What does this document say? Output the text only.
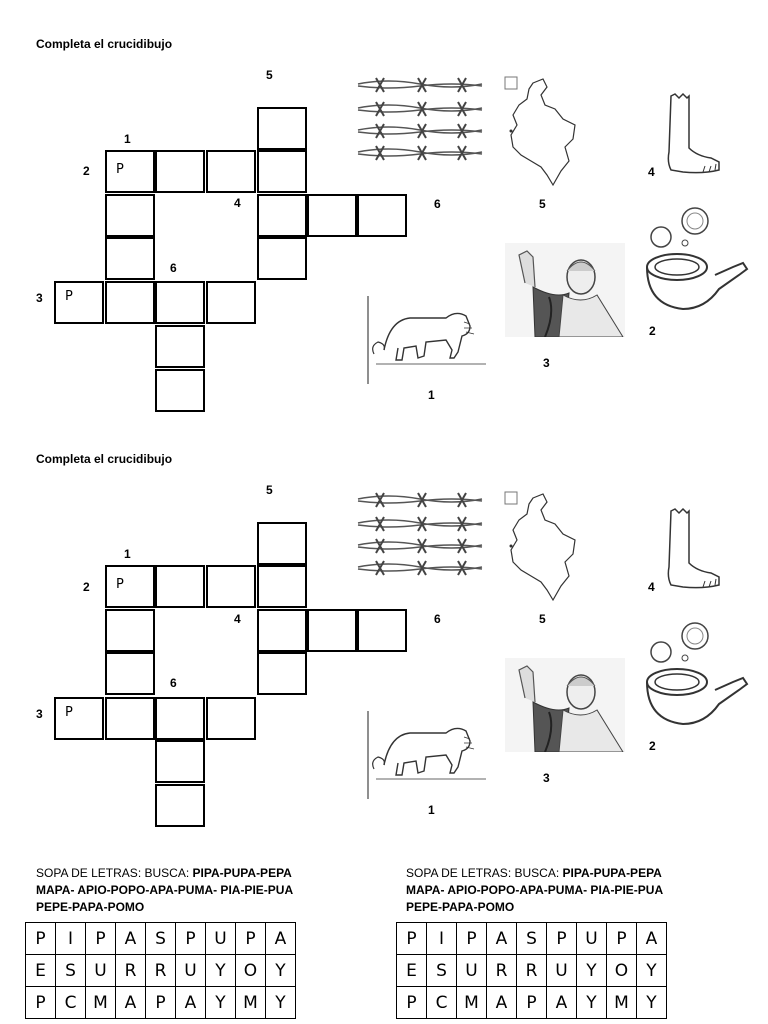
Completa el crucidibujo
5
1
2
4
6
3
P
P
6	5
4
2
3
1
Completa el crucidibujo
5
1
2
4
6
3
P
P
6	5
4
2
3
1
SOPA DE LETRAS: BUSCA: PIPA-PUPA-PEPA
MAPA- APIO-POPO-APA-PUMA- PIA-PIE-PUA
PEPE-PAPA-POMO
P	I	P	A	S	P	U	P	A
E	S	U	R	R	U	Y	O	Y
P	C	M	A	P	A	Y	M	Y
SOPA DE LETRAS: BUSCA: PIPA-PUPA-PEPA
MAPA- APIO-POPO-APA-PUMA- PIA-PIE-PUA
PEPE-PAPA-POMO
P	I	P	A	S	P	U	P	A
E	S	U	R	R	U	Y	O	Y
P	C	M	A	P	A	Y	M	Y
